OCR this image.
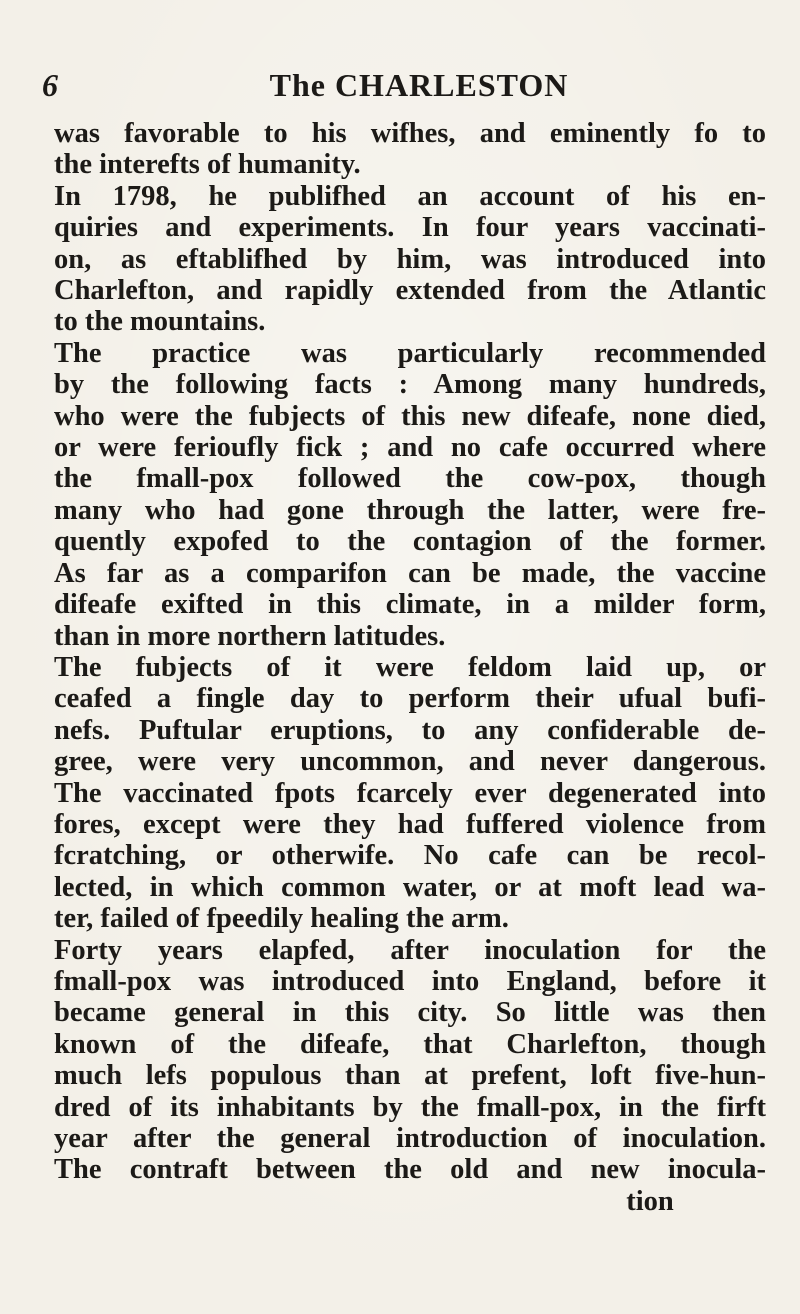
6	The CHARLESTON
was favorable to his wifhes, and eminently fo to
the interefts of humanity.
In 1798, he publifhed an account of his en-
quiries and experiments. In four years vaccinati-
on, as eftablifhed by him, was introduced into
Charlefton, and rapidly extended from the Atlantic
to the mountains.
The practice was particularly recommended
by the following facts : Among many hundreds,
who were the fubjects of this new difeafe, none died,
or were ferioufly fick ; and no cafe occurred where
the fmall-pox followed the cow-pox, though
many who had gone through the latter, were fre-
quently expofed to the contagion of the former.
As far as a comparifon can be made, the vaccine
difeafe exifted in this climate, in a milder form,
than in more northern latitudes.
The fubjects of it were feldom laid up, or
ceafed a fingle day to perform their ufual bufi-
nefs. Puftular eruptions, to any confiderable de-
gree, were very uncommon, and never dangerous.
The vaccinated fpots fcarcely ever degenerated into
fores, except were they had fuffered violence from
fcratching, or otherwife. No cafe can be recol-
lected, in which common water, or at moft lead wa-
ter, failed of fpeedily healing the arm.
Forty years elapfed, after inoculation for the
fmall-pox was introduced into England, before it
became general in this city. So little was then
known of the difeafe, that Charlefton, though
much lefs populous than at prefent, loft five-hun-
dred of its inhabitants by the fmall-pox, in the firft
year after the general introduction of inoculation.
The contraft between the old and new inocula-
tion
